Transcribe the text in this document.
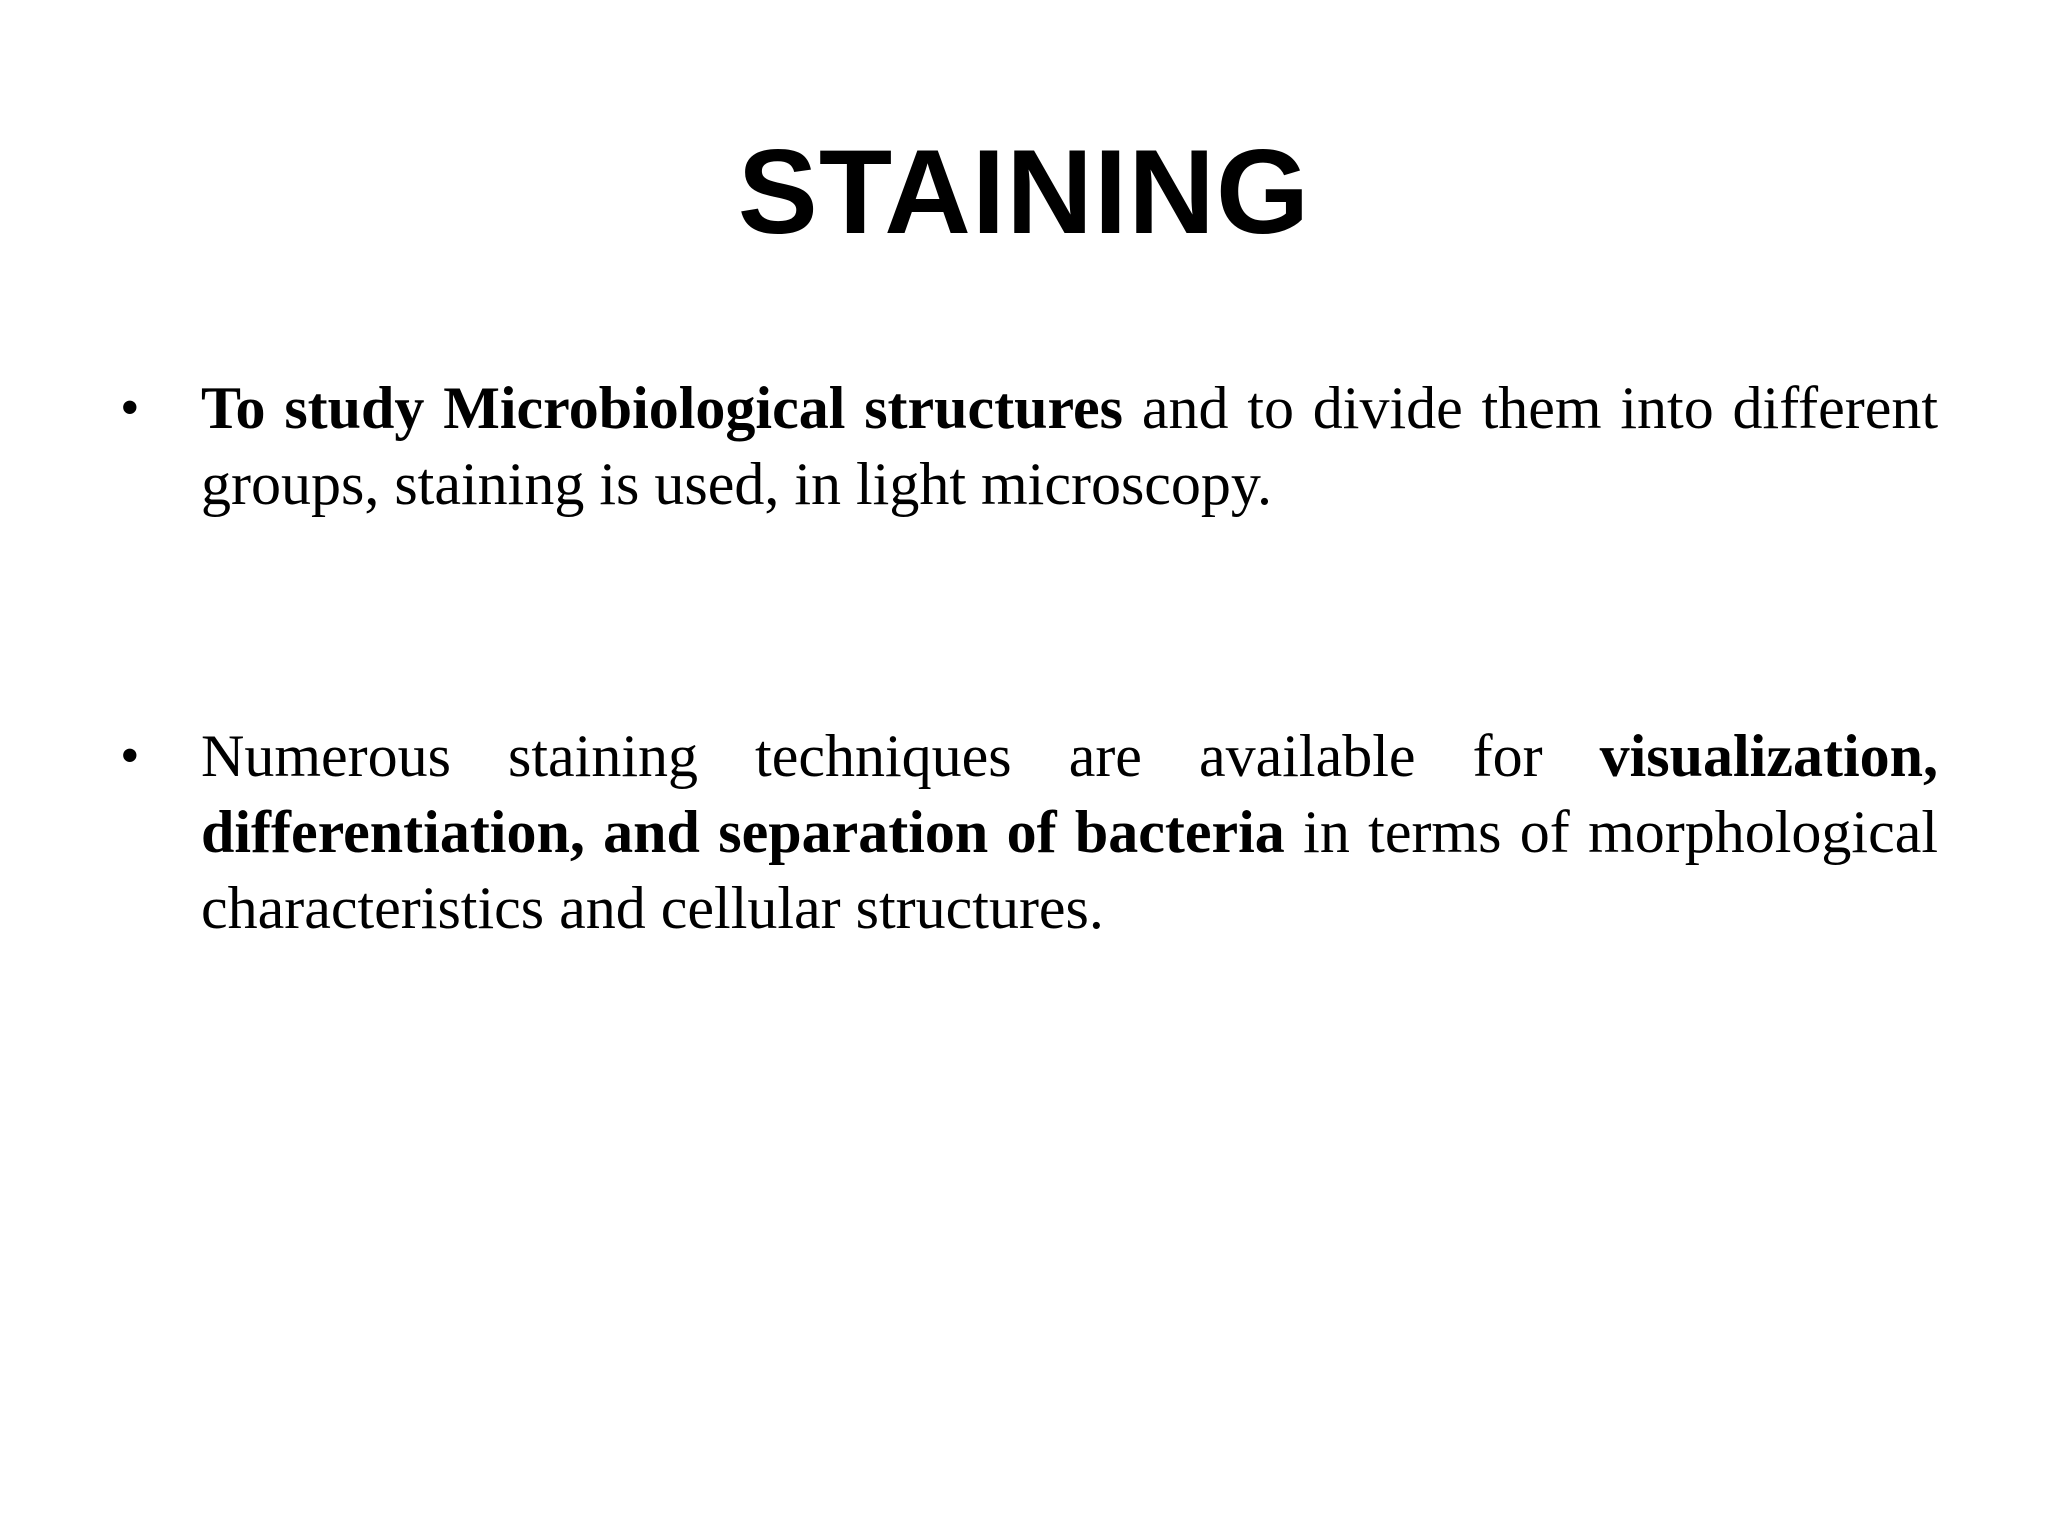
STAINING
• To study Microbiological structures and to divide them into different groups, staining is used, in light microscopy.

• Numerous staining techniques are available for visualization, differentiation, and separation of bacteria in terms of morphological characteristics and cellular structures.
